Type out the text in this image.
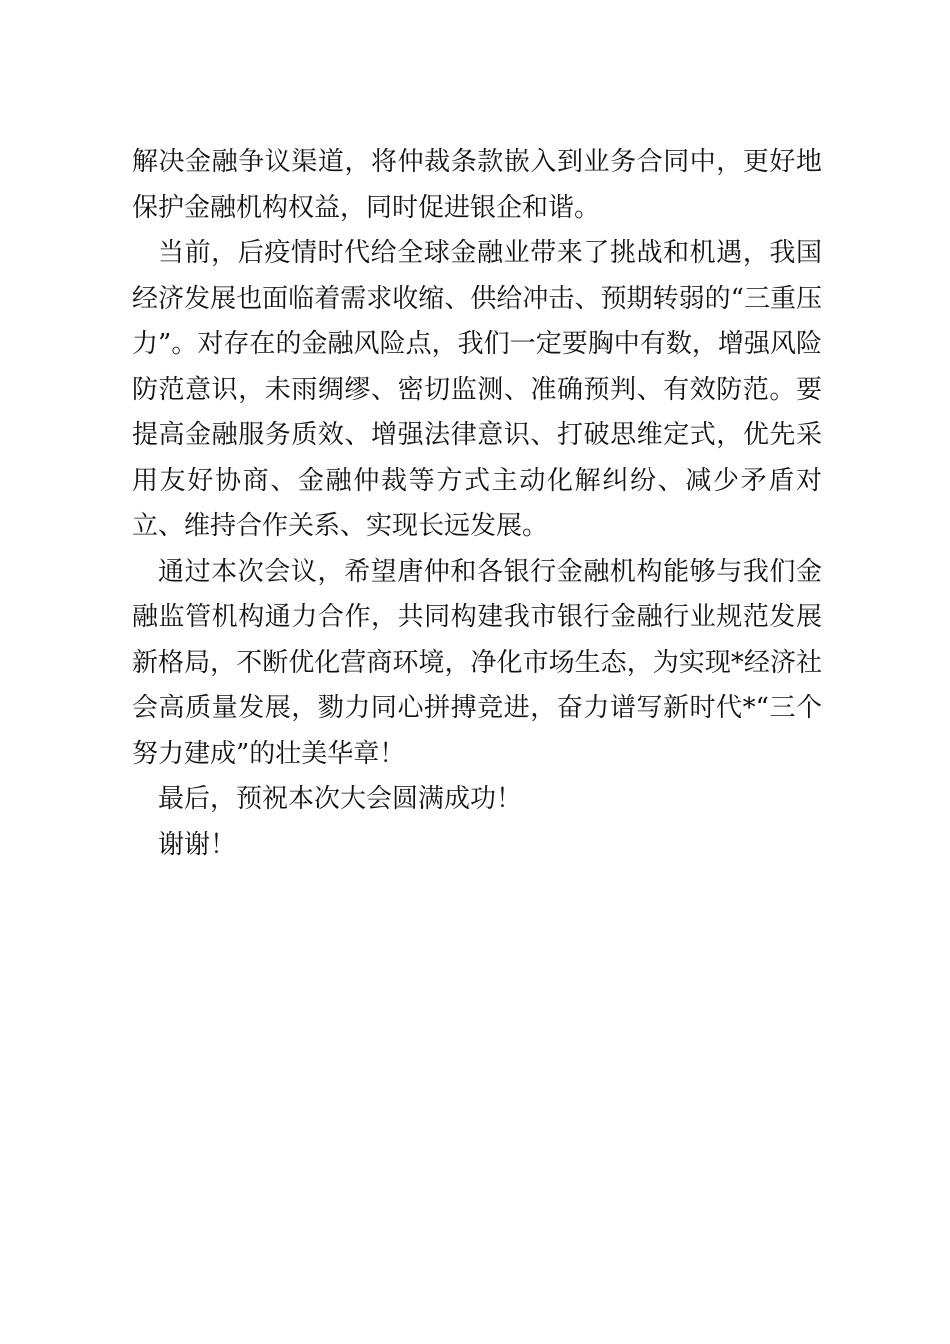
解决金融争议渠道，将仲裁条款嵌入到业务合同中，更好地保护金融机构权益，同时促进银企和谐。

当前，后疫情时代给全球金融业带来了挑战和机遇，我国经济发展也面临着需求收缩、供给冲击、预期转弱的“三重压力”。对存在的金融风险点，我们一定要胸中有数，增强风险防范意识，未雨绸缪、密切监测、准确预判、有效防范。要提高金融服务质效、增强法律意识、打破思维定式，优先采用友好协商、金融仲裁等方式主动化解纠纷、减少矛盾对立、维持合作关系、实现长远发展。

通过本次会议，希望唐仲和各银行金融机构能够与我们金融监管机构通力合作，共同构建我市银行金融行业规范发展新格局，不断优化营商环境，净化市场生态，为实现*经济社会高质量发展，勠力同心拼搏竞进，奋力谱写新时代*“三个努力建成”的壮美华章！

最后，预祝本次大会圆满成功！

谢谢！
